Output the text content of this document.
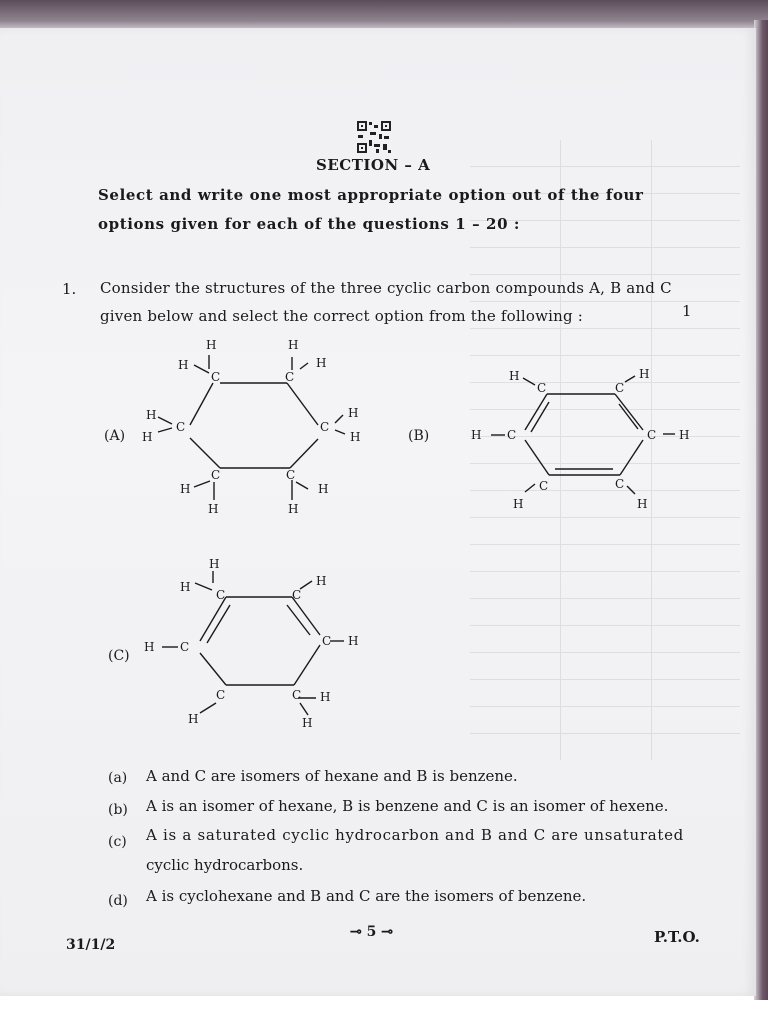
SECTION – A
Select and write one most appropriate option out of the four
options given for each of the questions 1 – 20 :
1. Consider the structures of the three cyclic carbon compounds A, B and C
given below and select the correct option from the following :	1
(A)	(B)
(C)
H	H
H
C	C
H
H
C
H
C
H
H
C	C
H	H
H	H
H
C	C
H
H C	C H
C	C
H	H
H
H
C	C
H
H C	C H
C	C H
H	H
(a) A and C are isomers of hexane and B is benzene.
(b) A is an isomer of hexane, B is benzene and C is an isomer of hexene.
(c) A is a saturated cyclic hydrocarbon and B and C are unsaturated
cyclic hydrocarbons.
(d) A is cyclohexane and B and C are the isomers of benzene.
⊸ 5 ⊸
31/1/2	P.T.O.
